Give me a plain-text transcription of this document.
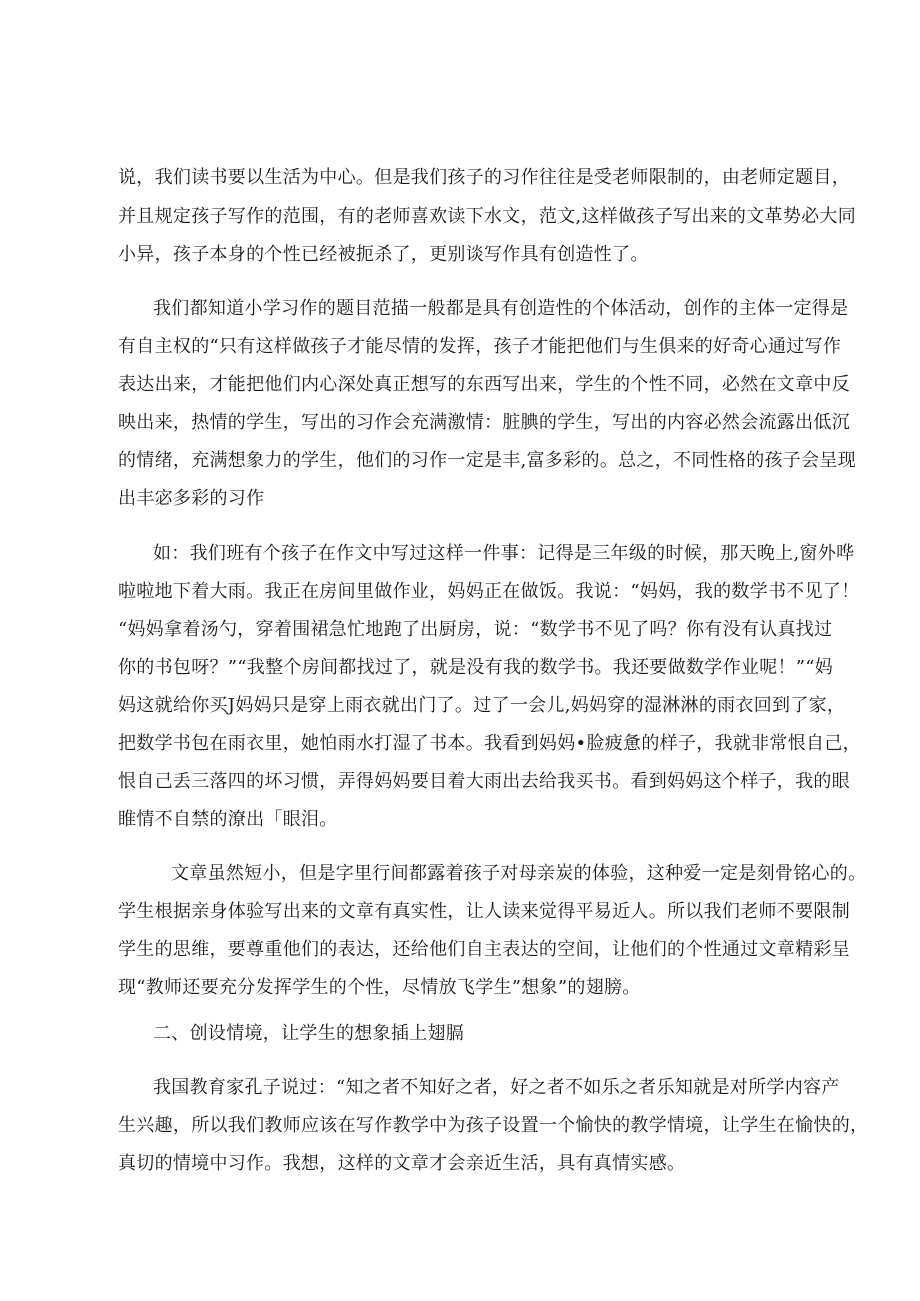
说，我们读书要以生活为中心。但是我们孩子的习作往往是受老师限制的，由老师定题目，
并且规定孩子写作的范围，有的老师喜欢读下水文，范文,这样做孩子写出来的文革势必大同
小异，孩子本身的个性已经被扼杀了，更别谈写作具有创造性了。
我们都知道小学习作的题目范描一般都是具有创造性的个体活动，创作的主体一定得是
有自主权的“只有这样做孩子才能尽情的发挥，孩子才能把他们与生俱来的好奇心通过写作
表达出来，才能把他们内心深处真正想写的东西写出来，学生的个性不同，必然在文章中反
映出来，热情的学生，写出的习作会充满激情：脏腆的学生，写出的内容必然会流露出低沉
的情绪，充满想象力的学生，他们的习作一定是丰,富多彩的。总之，不同性格的孩子会呈现
出丰宓多彩的习作
如：我们班有个孩子在作文中写过这样一件事：记得是三年级的时候，那天晚上,窗外哗
啦啦地下着大雨。我正在房间里做作业，妈妈正在做饭。我说：“妈妈，我的数学书不见了！
“妈妈拿着汤勺，穿着围裙急忙地跑了出厨房，说：“数学书不见了吗？你有没有认真找过
你的书包呀？”“我整个房间都找过了，就是没有我的数学书。我还要做数学作业呢！”“妈
妈这就给你买J妈妈只是穿上雨衣就出门了。过了一会儿,妈妈穿的湿淋淋的雨衣回到了家，
把数学书包在雨衣里，她怕雨水打湿了书本。我看到妈妈•脸疲惫的样子，我就非常恨自己，
恨自己丢三落四的坏习惯，弄得妈妈要目着大雨出去给我买书。看到妈妈这个样子，我的眼
睢情不自禁的潦出「眼泪。
文章虽然短小，但是字里行间都露着孩子对母亲炭的体验，这种爱一定是刻骨铭心的。
学生根据亲身体验写出来的文章有真实性，让人读来觉得平易近人。所以我们老师不要限制
学生的思维，要尊重他们的表达，还给他们自主表达的空间，让他们的个性通过文章精彩呈
现“教师还要充分发挥学生的个性，尽情放飞学生”想象”的翅膀。
二、创设情境，让学生的想象插上翅膈
我国教育家孔子说过：“知之者不知好之者，好之者不如乐之者乐知就是对所学内容产
生兴趣，所以我们教师应该在写作教学中为孩子设置一个愉快的教学情境，让学生在愉快的，
真切的情境中习作。我想，这样的文章才会亲近生活，具有真情实感。
